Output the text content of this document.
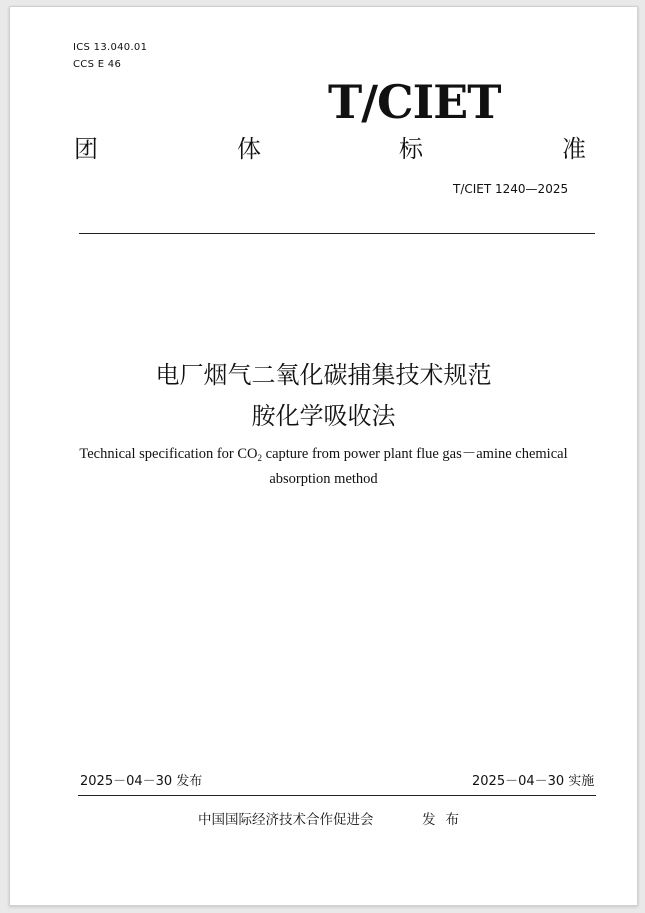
ICS 13.040.01
CCS E 46
T/CIET
团	体	标	准
T/CIET 1240—2025
电厂烟气二氧化碳捕集技术规范
胺化学吸收法
Technical specification for $CO_2$ capture from power plant flue gas－amine chemical absorption method
2025－04－30 发布	2025－04－30 实施
中国国际经济技术合作促进会	发布
